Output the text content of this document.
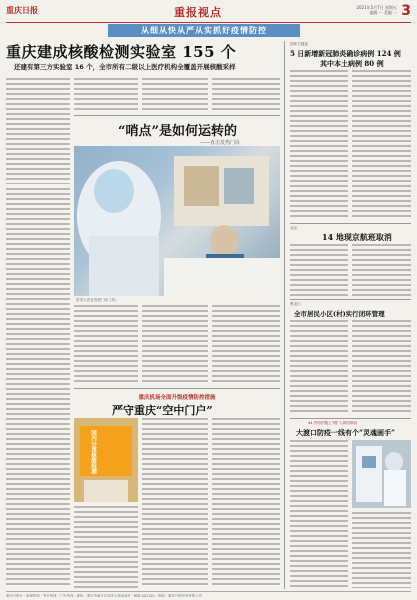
重庆日报	重报视点	2021年5月7日 星期五
编辑 ··· 美编 ··· 3
从细从快从严从实抓好疫情防控
重庆建成核酸检测实验室 155 个
还建有第三方实验室 16 个，全市所有二级以上医疗机构全覆盖开展核酸采样
“哨点”是如何运转的
——直击发热门诊
医务人员在发热门诊工作。
重庆机场全面升级疫情防控措施
严守重庆“空中门户”
国内分流核酸检测
国家卫健委：
5 日新增新冠肺炎确诊病例 124 例
其中本土病例 80 例
北京：
14 地现京航班取消
黑龙江：
全市居民小区(村)实行闭环管理
44 件防护服上“晒”入群防群治
大渡口防疫一线有个“灵魂画手”
重庆日报社 · 新闻热线 · 发行热线 · 广告热线 · 地址：重庆市渝北区同茂大道416号 · 邮编 401120 · 印刷：重庆日报印务有限公司
